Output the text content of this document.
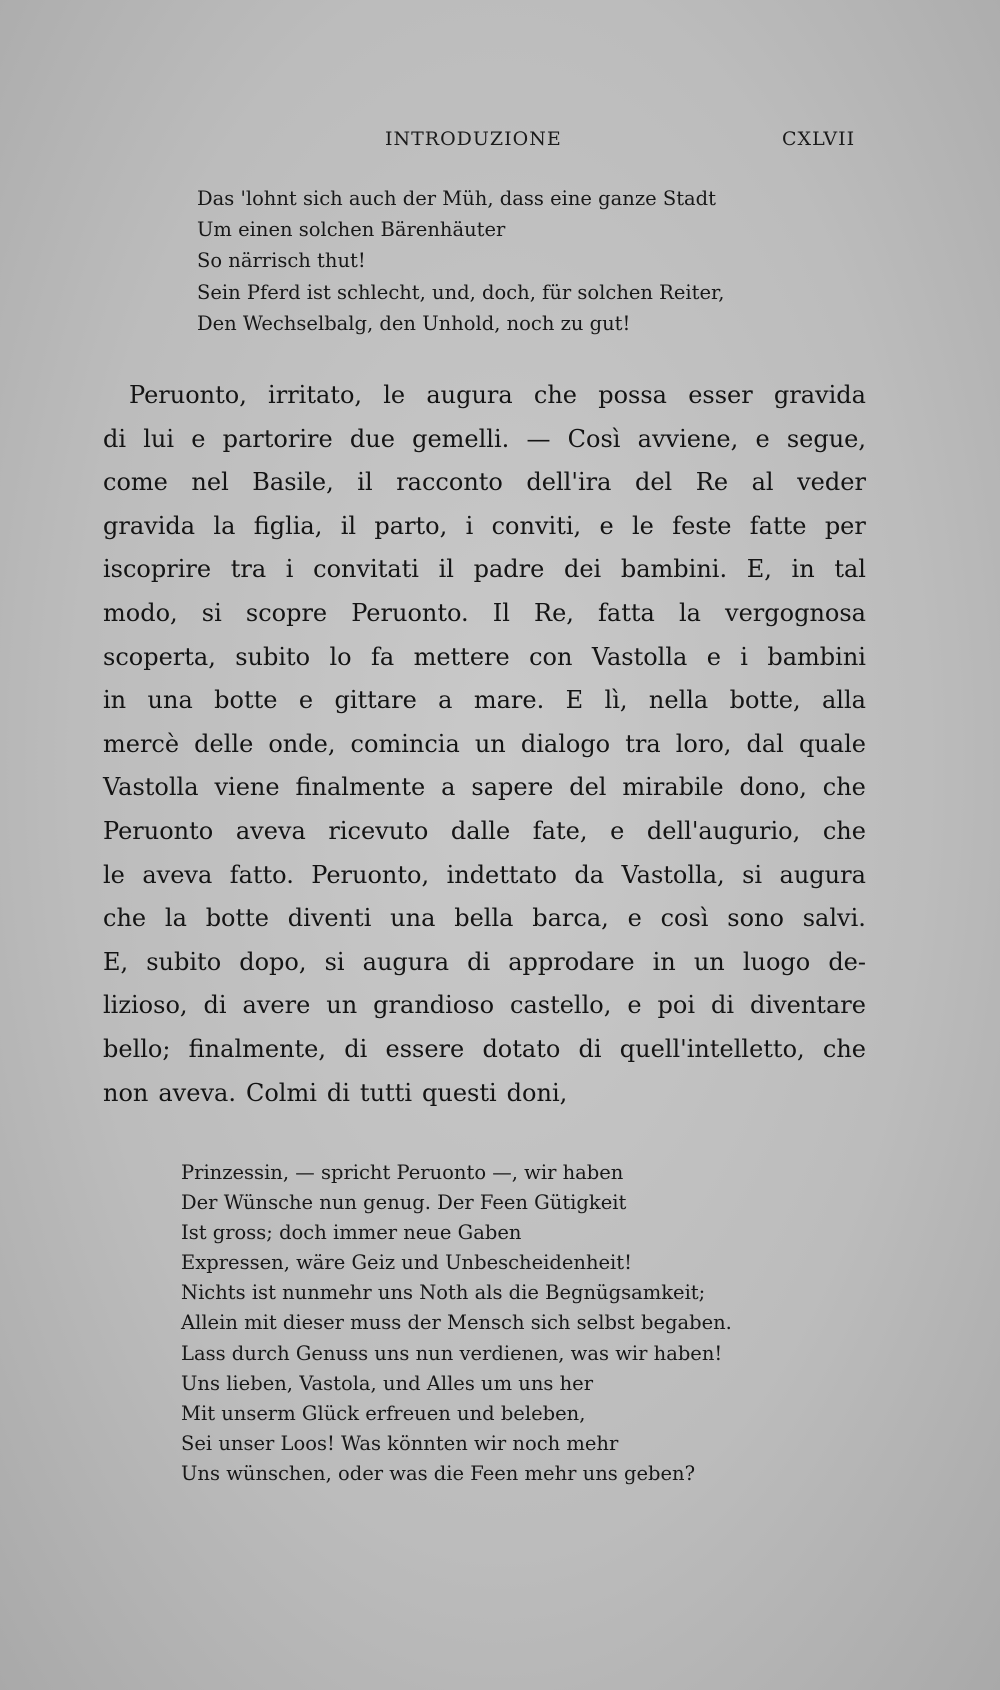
INTRODUZIONE	CXLVII
Das 'lohnt sich auch der Müh, dass eine ganze Stadt
Um einen solchen Bärenhäuter
So närrisch thut!
Sein Pferd ist schlecht, und, doch, für solchen Reiter,
Den Wechselbalg, den Unhold, noch zu gut!
Peruonto, irritato, le augura che possa esser gravida
di lui e partorire due gemelli. — Così avviene, e segue,
come nel Basile, il racconto dell'ira del Re al veder
gravida la figlia, il parto, i conviti, e le feste fatte per
iscoprire tra i convitati il padre dei bambini. E, in tal
modo, si scopre Peruonto. Il Re, fatta la vergognosa
scoperta, subito lo fa mettere con Vastolla e i bambini
in una botte e gittare a mare. E lì, nella botte, alla
mercè delle onde, comincia un dialogo tra loro, dal quale
Vastolla viene finalmente a sapere del mirabile dono, che
Peruonto aveva ricevuto dalle fate, e dell'augurio, che
le aveva fatto. Peruonto, indettato da Vastolla, si augura
che la botte diventi una bella barca, e così sono salvi.
E, subito dopo, si augura di approdare in un luogo de-
lizioso, di avere un grandioso castello, e poi di diventare
bello; finalmente, di essere dotato di quell'intelletto, che
non aveva. Colmi di tutti questi doni,
Prinzessin, — spricht Peruonto —, wir haben
Der Wünsche nun genug. Der Feen Gütigkeit
Ist gross; doch immer neue Gaben
Expressen, wäre Geiz und Unbescheidenheit!
Nichts ist nunmehr uns Noth als die Begnügsamkeit;
Allein mit dieser muss der Mensch sich selbst begaben.
Lass durch Genuss uns nun verdienen, was wir haben!
Uns lieben, Vastola, und Alles um uns her
Mit unserm Glück erfreuen und beleben,
Sei unser Loos! Was könnten wir noch mehr
Uns wünschen, oder was die Feen mehr uns geben?
